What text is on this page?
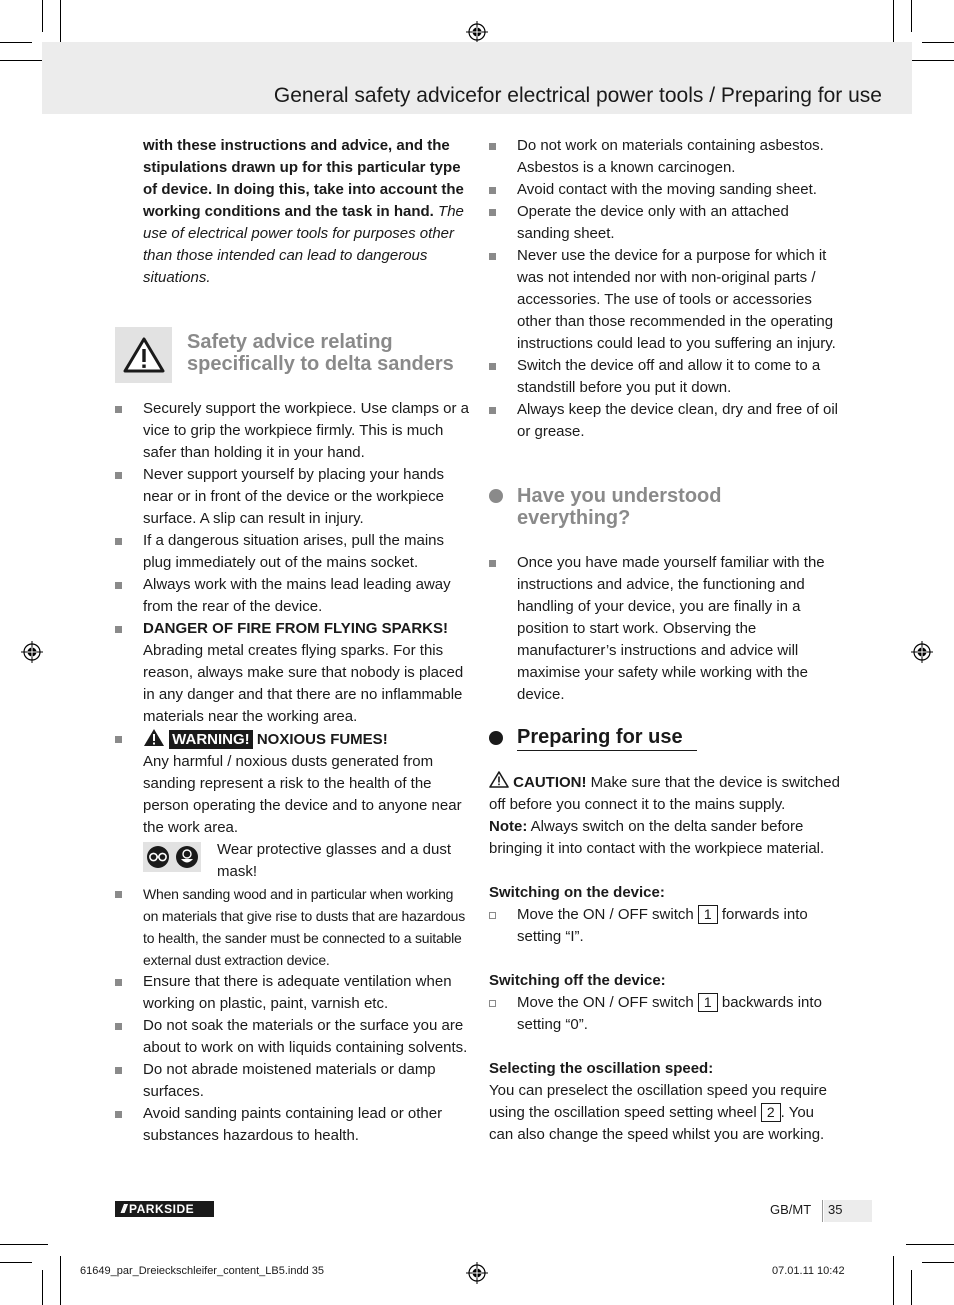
General safety advicefor electrical power tools / Preparing for use

with these instructions and advice, and the stipulations drawn up for this particular type of device. In doing this, take into account the working conditions and the task in hand. The use of electrical power tools for purposes other than those intended can lead to dangerous situations.

Safety advice relating specifically to delta sanders
Securely support the workpiece. Use clamps or a vice to grip the workpiece firmly. This is much safer than holding it in your hand.
Never support yourself by placing your hands near or in front of the device or the workpiece surface. A slip can result in injury.
If a dangerous situation arises, pull the mains plug immediately out of the mains socket.
Always work with the mains lead leading away from the rear of the device.
DANGER OF FIRE FROM FLYING SPARKS!
Abrading metal creates flying sparks. For this reason, always make sure that nobody is placed in any danger and that there are no inflammable materials near the working area.
WARNING! NOXIOUS FUMES!
Any harmful / noxious dusts generated from sanding represent a risk to the health of the person operating the device and to anyone near the work area.
Wear protective glasses and a dust mask!
When sanding wood and in particular when working on materials that give rise to dusts that are hazardous to health, the sander must be connected to a suitable external dust extraction device.
Ensure that there is adequate ventilation when working on plastic, paint, varnish etc.
Do not soak the materials or the surface you are about to work on with liquids containing solvents.
Do not abrade moistened materials or damp surfaces.
Avoid sanding paints containing lead or other substances hazardous to health.
Do not work on materials containing asbestos. Asbestos is a known carcinogen.
Avoid contact with the moving sanding sheet.
Operate the device only with an attached sanding sheet.
Never use the device for a purpose for which it was not intended nor with non-original parts / accessories. The use of tools or accessories other than those recommended in the operating instructions could lead to you suffering an injury.
Switch the device off and allow it to come to a standstill before you put it down.
Always keep the device clean, dry and free of oil or grease.
Have you understood everything?
Once you have made yourself familiar with the instructions and advice, the functioning and handling of your device, you are finally in a position to start work. Observing the manufacturer’s instructions and advice will maximise your safety while working with the device.
Preparing for use

CAUTION! Make sure that the device is switched off before you connect it to the mains supply.

Note: Always switch on the delta sander before bringing it into contact with the workpiece material.

Switching on the device:

Move the ON / OFF switch 1 forwards into setting “I”.

Switching off the device:

Move the ON / OFF switch 1 backwards into setting “0”.

Selecting the oscillation speed:

You can preselect the oscillation speed you require using the oscillation speed setting wheel 2 . You can also change the speed whilst you are working.

/// PARKSIDE	GB/MT 35
61649_par_Dreieckschleifer_content_LB5.indd 35	07.01.11 10:42
